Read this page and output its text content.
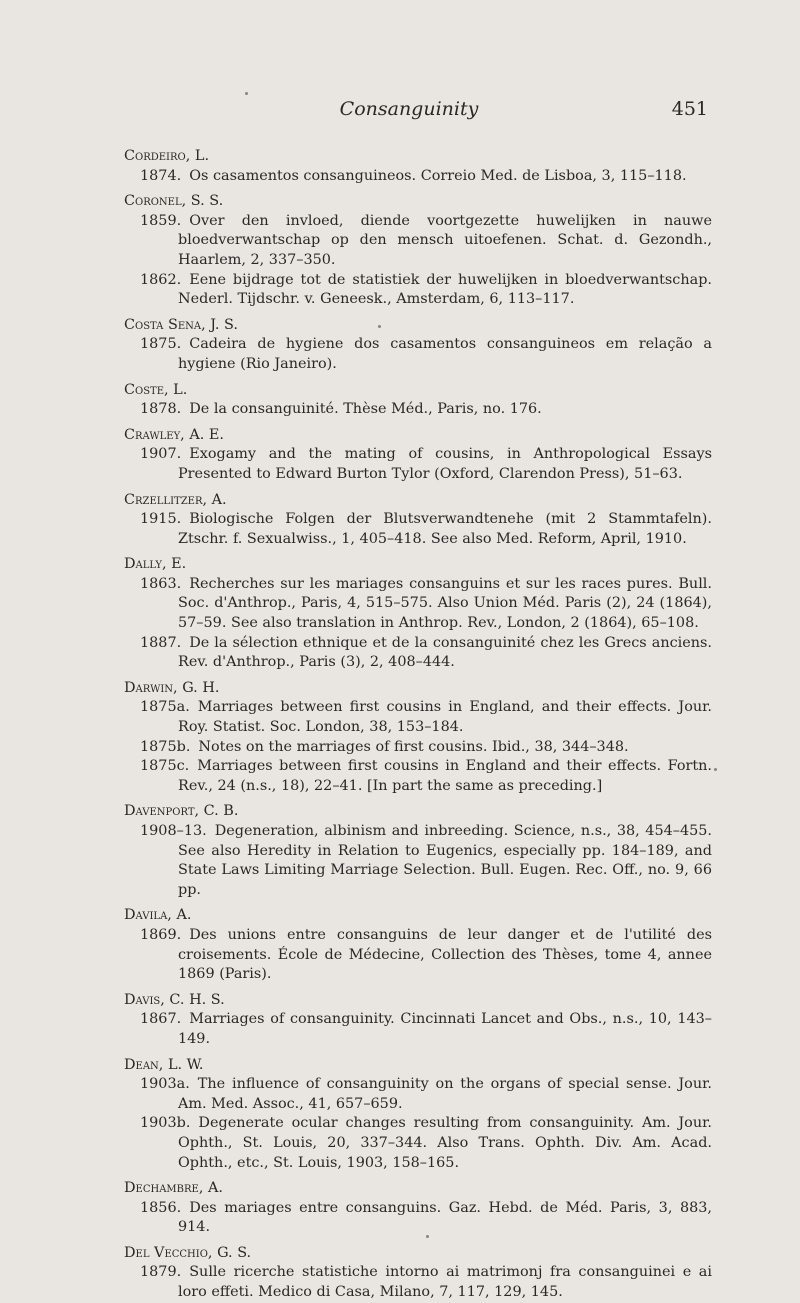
Consanguinity	451
Cordeiro, L.
1874. Os casamentos consanguineos. Correio Med. de Lisboa, 3, 115–118.
Coronel, S. S.
1859. Over den invloed, diende voortgezette huwelijken in nauwe bloedverwantschap op den mensch uitoefenen. Schat. d. Gezondh., Haarlem, 2, 337–350.
1862. Eene bijdrage tot de statistiek der huwelijken in bloedverwantschap. Nederl. Tijdschr. v. Geneesk., Amsterdam, 6, 113–117.
Costa Sena, J. S.
1875. Cadeira de hygiene dos casamentos consanguineos em relação a hygiene (Rio Janeiro).
Coste, L.
1878. De la consanguinité. Thèse Méd., Paris, no. 176.
Crawley, A. E.
1907. Exogamy and the mating of cousins, in Anthropological Essays Presented to Edward Burton Tylor (Oxford, Clarendon Press), 51–63.
Crzellitzer, A.
1915. Biologische Folgen der Blutsverwandtenehe (mit 2 Stammtafeln). Ztschr. f. Sexualwiss., 1, 405–418. See also Med. Reform, April, 1910.
Dally, E.
1863. Recherches sur les mariages consanguins et sur les races pures. Bull. Soc. d'Anthrop., Paris, 4, 515–575. Also Union Méd. Paris (2), 24 (1864), 57–59. See also translation in Anthrop. Rev., London, 2 (1864), 65–108.
1887. De la sélection ethnique et de la consanguinité chez les Grecs anciens. Rev. d'Anthrop., Paris (3), 2, 408–444.
Darwin, G. H.
1875a. Marriages between first cousins in England, and their effects. Jour. Roy. Statist. Soc. London, 38, 153–184.
1875b. Notes on the marriages of first cousins. Ibid., 38, 344–348.
1875c. Marriages between first cousins in England and their effects. Fortn. Rev., 24 (n.s., 18), 22–41. [In part the same as preceding.]
Davenport, C. B.
1908–13. Degeneration, albinism and inbreeding. Science, n.s., 38, 454–455. See also Heredity in Relation to Eugenics, especially pp. 184–189, and State Laws Limiting Marriage Selection. Bull. Eugen. Rec. Off., no. 9, 66 pp.
Davila, A.
1869. Des unions entre consanguins de leur danger et de l'utilité des croisements. École de Médecine, Collection des Thèses, tome 4, annee 1869 (Paris).
Davis, C. H. S.
1867. Marriages of consanguinity. Cincinnati Lancet and Obs., n.s., 10, 143–149.
Dean, L. W.
1903a. The influence of consanguinity on the organs of special sense. Jour. Am. Med. Assoc., 41, 657–659.
1903b. Degenerate ocular changes resulting from consanguinity. Am. Jour. Ophth., St. Louis, 20, 337–344. Also Trans. Ophth. Div. Am. Acad. Ophth., etc., St. Louis, 1903, 158–165.
Dechambre, A.
1856. Des mariages entre consanguins. Gaz. Hebd. de Méd. Paris, 3, 883, 914.
Del Vecchio, G. S.
1879. Sulle ricerche statistiche intorno ai matrimonj fra consanguinei e ai loro effeti. Medico di Casa, Milano, 7, 117, 129, 145.
